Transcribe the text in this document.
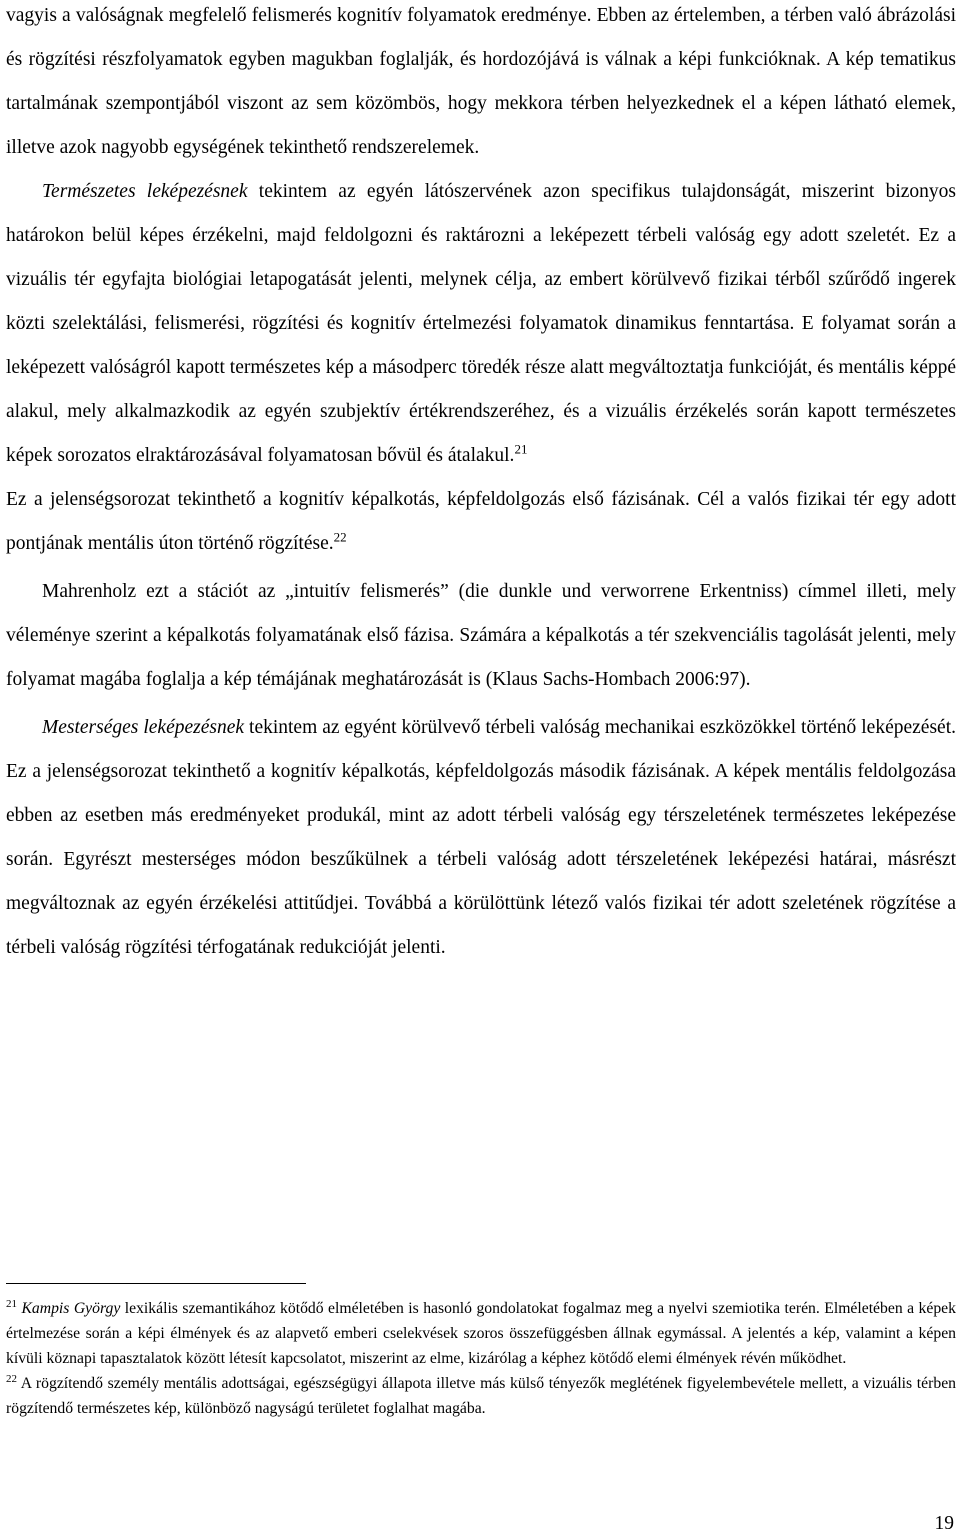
vagyis a valóságnak megfelelő felismerés kognitív folyamatok eredménye. Ebben az értelemben, a térben való ábrázolási és rögzítési részfolyamatok egyben magukban foglalják, és hordozójává is válnak a képi funkcióknak. A kép tematikus tartalmának szempontjából viszont az sem közömbös, hogy mekkora térben helyezkednek el a képen látható elemek, illetve azok nagyobb egységének tekinthető rendszerelemek.

Természetes leképezésnek tekintem az egyén látószervének azon specifikus tulajdonságát, miszerint bizonyos határokon belül képes érzékelni, majd feldolgozni és raktározni a leképezett térbeli valóság egy adott szeletét. Ez a vizuális tér egyfajta biológiai letapogatását jelenti, melynek célja, az embert körülvevő fizikai térből szűrődő ingerek közti szelektálási, felismerési, rögzítési és kognitív értelmezési folyamatok dinamikus fenntartása. E folyamat során a leképezett valóságról kapott természetes kép a másodperc töredék része alatt megváltoztatja funkcióját, és mentális képpé alakul, mely alkalmazkodik az egyén szubjektív értékrendszeréhez, és a vizuális érzékelés során kapott természetes képek sorozatos elraktározásával folyamatosan bővül és átalakul.$^{21}$

Ez a jelenségsorozat tekinthető a kognitív képalkotás, képfeldolgozás első fázisának. Cél a valós fizikai tér egy adott pontjának mentális úton történő rögzítése.$^{22}$

Mahrenholz ezt a stációt az „intuitív felismerés” (die dunkle und verworrene Erkentniss) címmel illeti, mely véleménye szerint a képalkotás folyamatának első fázisa. Számára a képalkotás a tér szekvenciális tagolását jelenti, mely folyamat magába foglalja a kép témájának meghatározását is (Klaus Sachs-Hombach 2006:97).

Mesterséges leképezésnek tekintem az egyént körülvevő térbeli valóság mechanikai eszközökkel történő leképezését. Ez a jelenségsorozat tekinthető a kognitív képalkotás, képfeldolgozás második fázisának. A képek mentális feldolgozása ebben az esetben más eredményeket produkál, mint az adott térbeli valóság egy térszeletének természetes leképezése során. Egyrészt mesterséges módon beszűkülnek a térbeli valóság adott térszeletének leképezési határai, másrészt megváltoznak az egyén érzékelési attitűdjei. Továbbá a körülöttünk létező valós fizikai tér adott szeletének rögzítése a térbeli valóság rögzítési térfogatának redukcióját jelenti.

$^{21}$ Kampis György lexikális szemantikához kötődő elméletében is hasonló gondolatokat fogalmaz meg a nyelvi szemiotika terén. Elméletében a képek értelmezése során a képi élmények és az alapvető emberi cselekvések szoros összefüggésben állnak egymással. A jelentés a kép, valamint a képen kívüli köznapi tapasztalatok között létesít kapcsolatot, miszerint az elme, kizárólag a képhez kötődő elemi élmények révén működhet.

$^{22}$ A rögzítendő személy mentális adottságai, egészségügyi állapota illetve más külső tényezők meglétének figyelembevétele mellett, a vizuális térben rögzítendő természetes kép, különböző nagyságú területet foglalhat magába.

19
